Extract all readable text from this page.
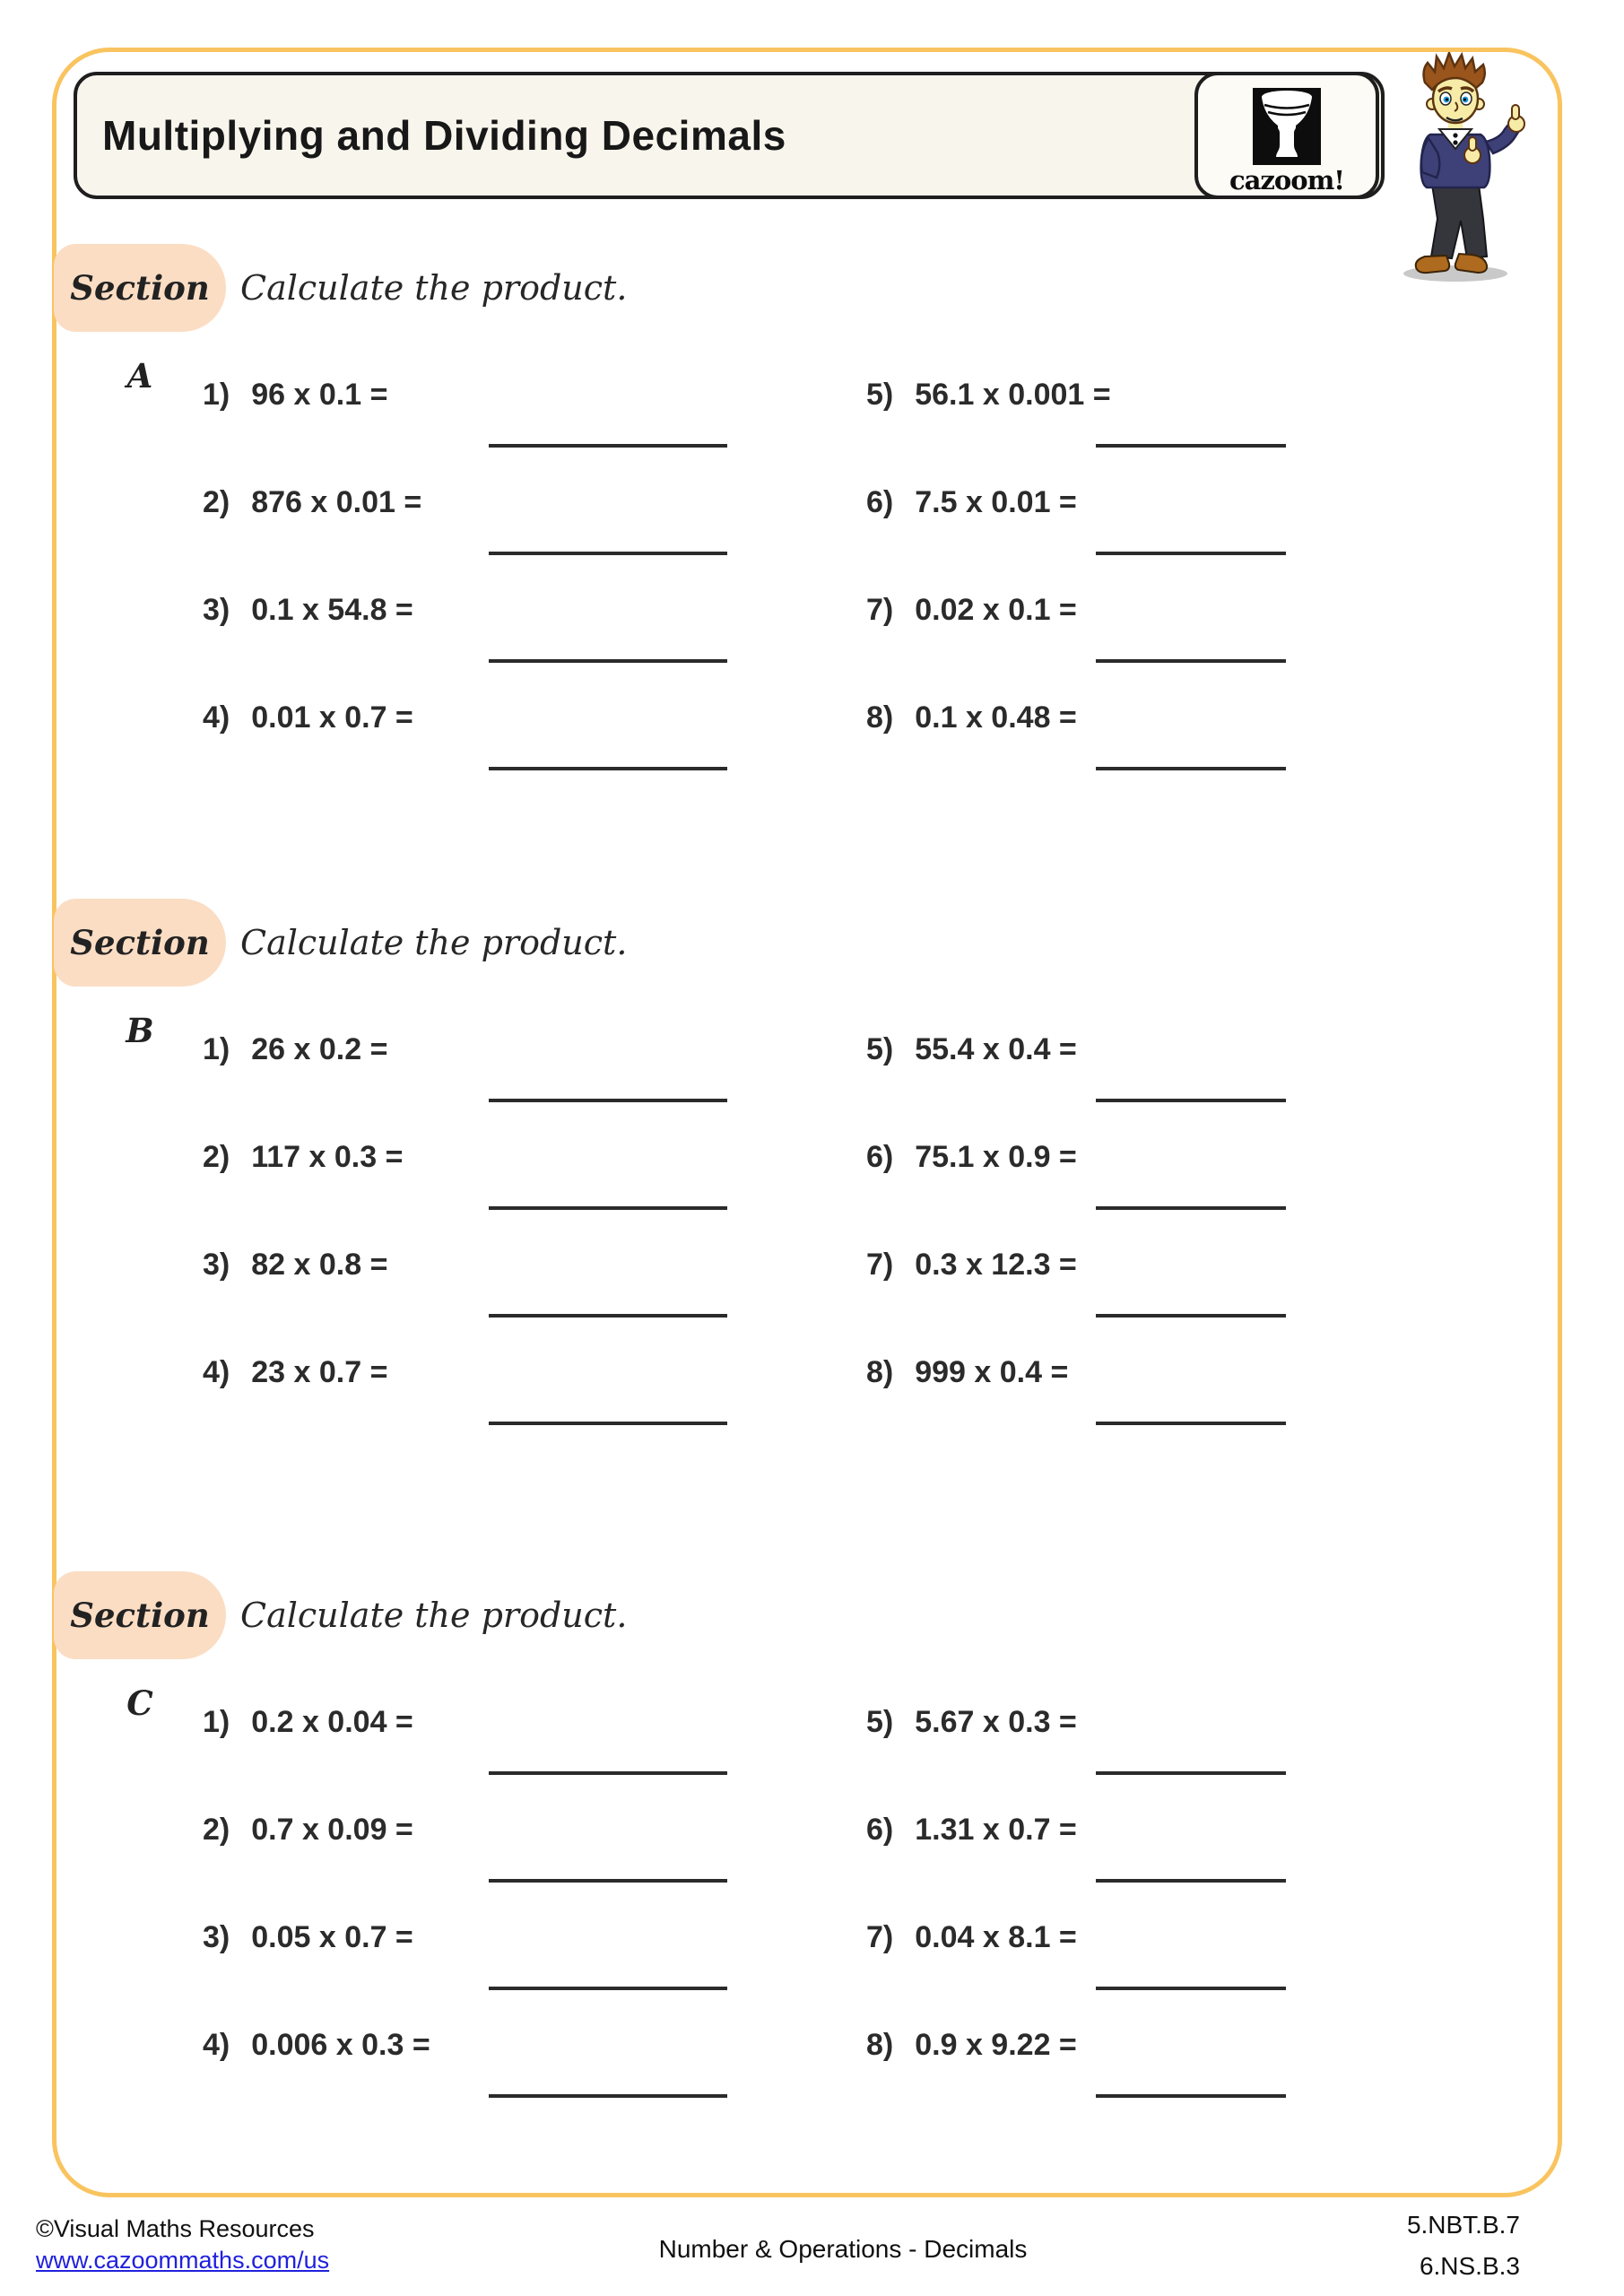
Multiplying and Dividing Decimals
cazoom!
Section A
Calculate the product.
1) 96 x 0.1 =
2) 876 x 0.01 =
3) 0.1 x 54.8 =
4) 0.01 x 0.7 =
5) 56.1 x 0.001 =
6) 7.5 x 0.01 =
7) 0.02 x 0.1 =
8) 0.1 x 0.48 =
Section B
Calculate the product.
1) 26 x 0.2 =
2) 117 x 0.3 =
3) 82 x 0.8 =
4) 23 x 0.7 =
5) 55.4 x 0.4 =
6) 75.1 x 0.9 =
7) 0.3 x 12.3 =
8) 999 x 0.4 =
Section C
Calculate the product.
1) 0.2 x 0.04 =
2) 0.7 x 0.09 =
3) 0.05 x 0.7 =
4) 0.006 x 0.3 =
5) 5.67 x 0.3 =
6) 1.31 x 0.7 =
7) 0.04 x 8.1 =
8) 0.9 x 9.22 =
©Visual Maths Resources
www.cazoommaths.com/us	Number & Operations - Decimals
5.NBT.B.7
6.NS.B.3
